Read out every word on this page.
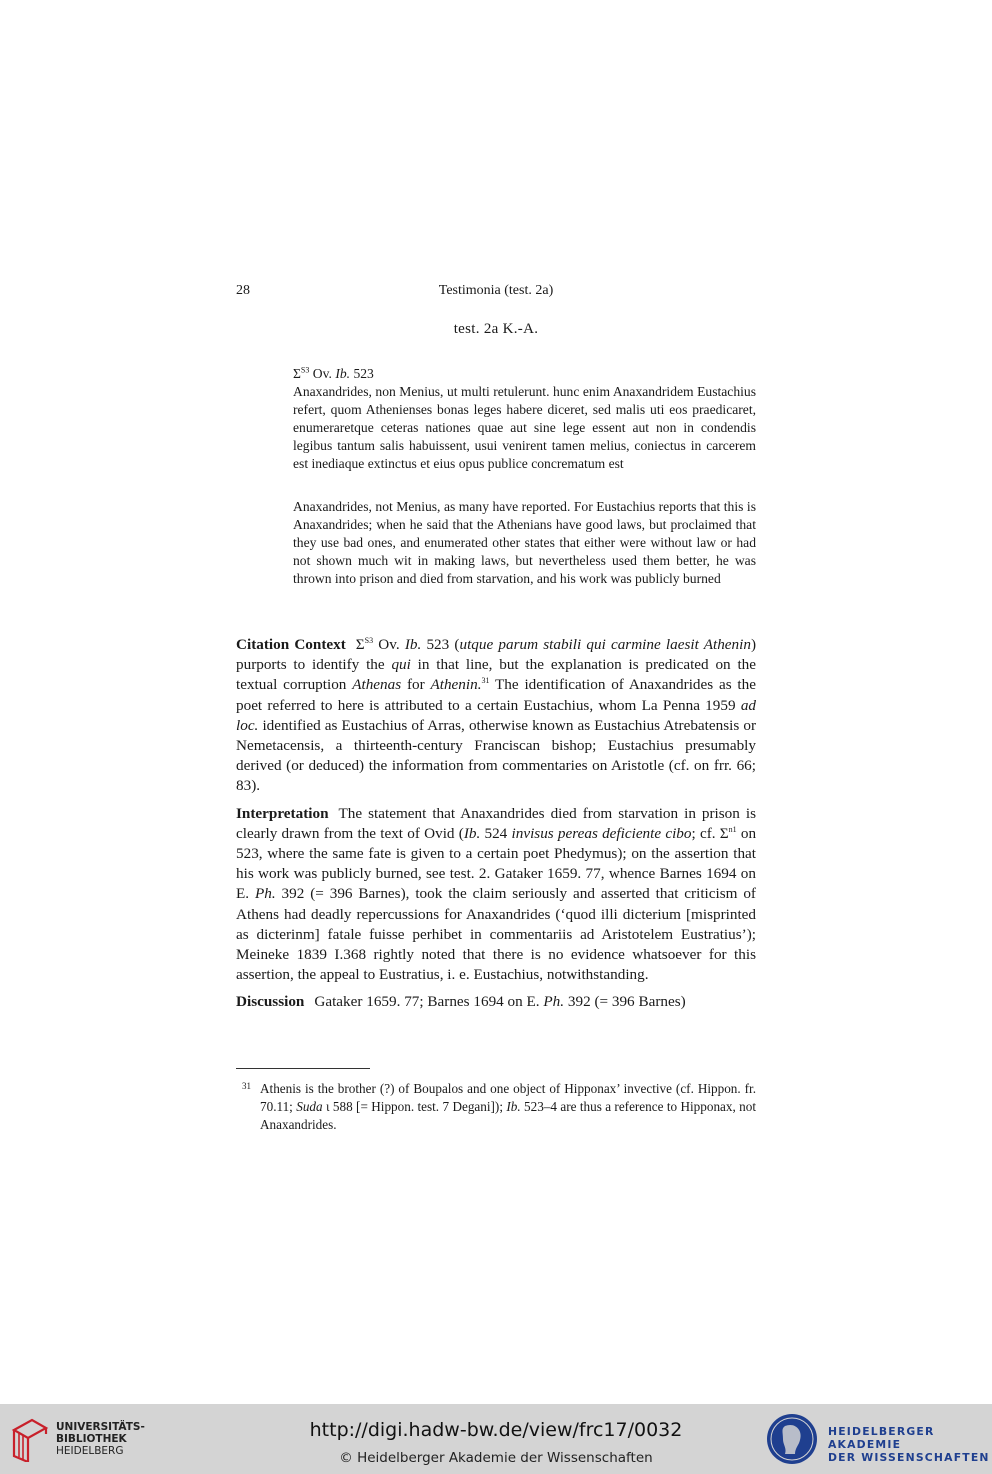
28	Testimonia (test. 2a)
test. 2a K.-A.
$\Sigma^{S3}$ Ov. Ib. 523
Anaxandrides, non Menius, ut multi retulerunt. hunc enim Anaxandridem Eustachius refert, quom Athenienses bonas leges habere diceret, sed malis uti eos praedicaret, enumeraretque ceteras nationes quae aut sine lege essent aut non in condendis legibus tantum salis habuissent, usui venirent tamen melius, coniectus in carcerem est inediaque extinctus et eius opus publice concrematum est
Anaxandrides, not Menius, as many have reported. For Eustachius reports that this is Anaxandrides; when he said that the Athenians have good laws, but proclaimed that they use bad ones, and enumerated other states that either were without law or had not shown much wit in making laws, but nevertheless used them better, he was thrown into prison and died from starvation, and his work was publicly burned

Citation Context $\Sigma^{S3}$ Ov. Ib. 523 (utque parum stabili qui carmine laesit Athenin) purports to identify the qui in that line, but the explanation is predicated on the textual corruption Athenas for Athenin.$^{31}$ The identification of Anaxandrides as the poet referred to here is attributed to a certain Eustachius, whom La Penna 1959 ad loc. identified as Eustachius of Arras, otherwise known as Eustachius Atrebatensis or Nemetacensis, a thirteenth-century Franciscan bishop; Eustachius presumably derived (or deduced) the information from commentaries on Aristotle (cf. on frr. 66; 83).

Interpretation The statement that Anaxandrides died from starvation in prison is clearly drawn from the text of Ovid (Ib. 524 invisus pereas deficiente cibo; cf. $\Sigma^{n1}$ on 523, where the same fate is given to a certain poet Phedymus); on the assertion that his work was publicly burned, see test. 2. Gataker 1659. 77, whence Barnes 1694 on E. Ph. 392 (= 396 Barnes), took the claim seriously and asserted that criticism of Athens had deadly repercussions for Anaxandrides (‘quod illi dicterium [misprinted as dicterinm] fatale fuisse perhibet in commentariis ad Aristotelem Eustratius’); Meineke 1839 I.368 rightly noted that there is no evidence whatsoever for this assertion, the appeal to Eustratius, i. e. Eustachius, notwithstanding.

Discussion Gataker 1659. 77; Barnes 1694 on E. Ph. 392 (= 396 Barnes)

31 Athenis is the brother (?) of Boupalos and one object of Hipponax’ invective (cf. Hippon. fr. 70.11; Suda ι 588 [= Hippon. test. 7 Degani]); Ib. 523–4 are thus a reference to Hipponax, not Anaxandrides.
UNIVERSITÄTS-
BIBLIOTHEK
HEIDELBERG
http://digi.hadw-bw.de/view/frc17/0032
© Heidelberger Akademie der Wissenschaften
HEIDELBERGER AKADEMIE
DER WISSENSCHAFTEN
